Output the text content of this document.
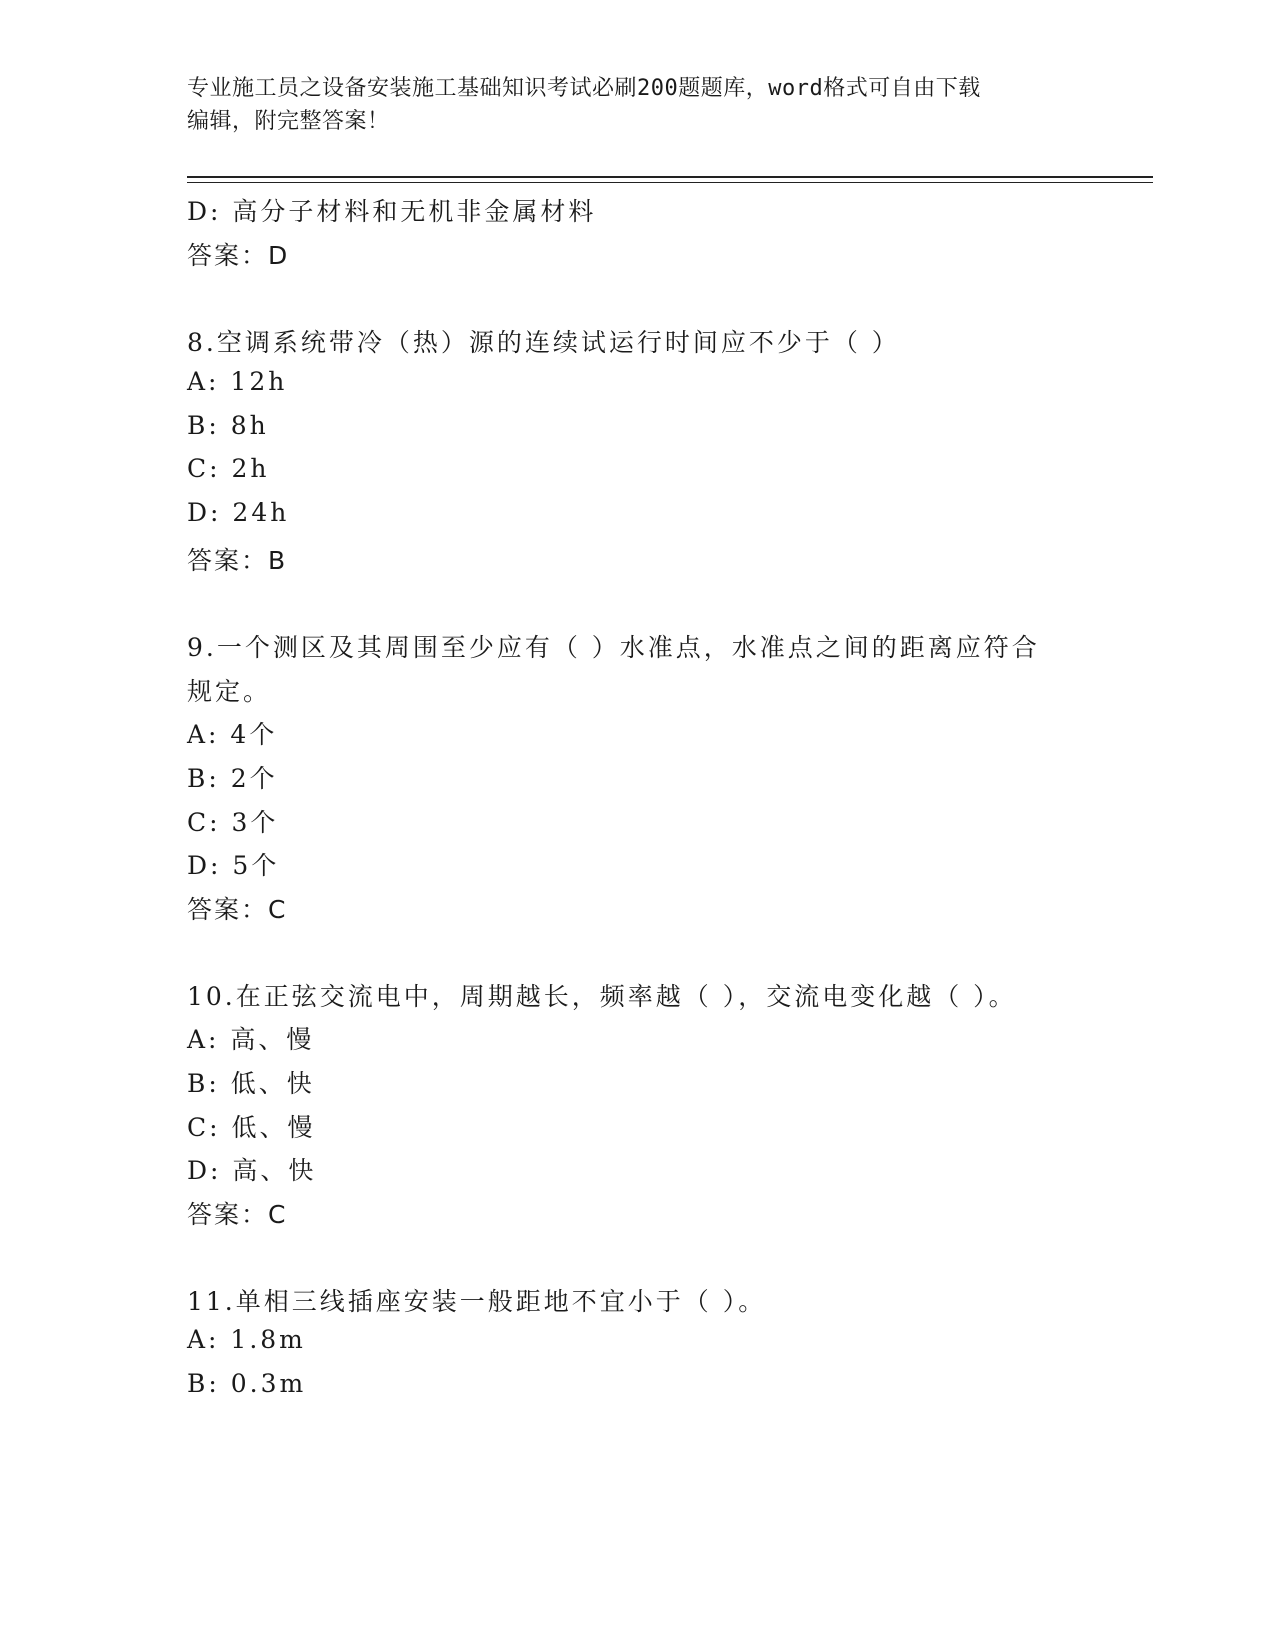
专业施工员之设备安装施工基础知识考试必刷200题题库，word格式可自由下载
编辑，附完整答案！
D: 高分子材料和无机非金属材料
答案：D
8.空调系统带冷（热）源的连续试运行时间应不少于（ ）
A: 12h
B: 8h
C: 2h
D: 24h
答案：B
9.一个测区及其周围至少应有（ ）水准点，水准点之间的距离应符合
规定。
A: 4个
B: 2个
C: 3个
D: 5个
答案：C
10.在正弦交流电中，周期越长，频率越（ ），交流电变化越（ ）。
A: 高、慢
B: 低、快
C: 低、慢
D: 高、快
答案：C
11.单相三线插座安装一般距地不宜小于（ ）。
A: 1.8m
B: 0.3m
